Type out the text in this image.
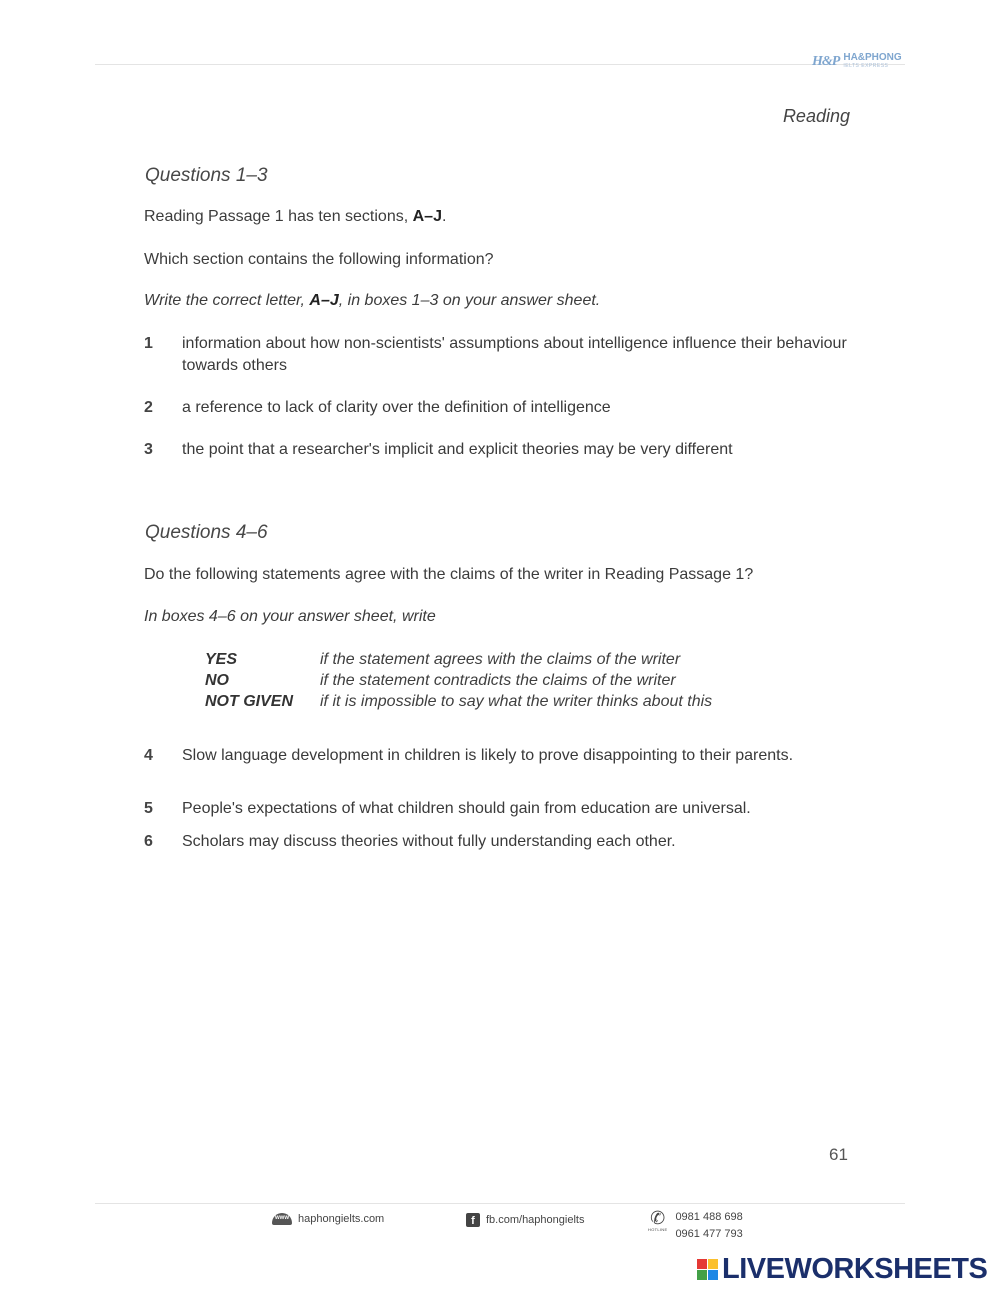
H&P HA&PHONG
IELTS EXPRESS
Reading
Questions 1–3
Reading Passage 1 has ten sections, A–J.
Which section contains the following information?
Write the correct letter, A–J, in boxes 1–3 on your answer sheet.
1	information about how non-scientists' assumptions about intelligence influence their behaviour towards others
2	a reference to lack of clarity over the definition of intelligence
3	the point that a researcher's implicit and explicit theories may be very different
Questions 4–6
Do the following statements agree with the claims of the writer in Reading Passage 1?
In boxes 4–6 on your answer sheet, write
YES	if the statement agrees with the claims of the writer
NO	if the statement contradicts the claims of the writer
NOT GIVEN	if it is impossible to say what the writer thinks about this
4	Slow language development in children is likely to prove disappointing to their parents.
5	People's expectations of what children should gain from education are universal.
6	Scholars may discuss theories without fully understanding each other.
61
www haphongielts.com	f	fb.com/haphongielts	✆
HOTLINE
0981 488 698
0961 477 793
LIVEWORKSHEETS
